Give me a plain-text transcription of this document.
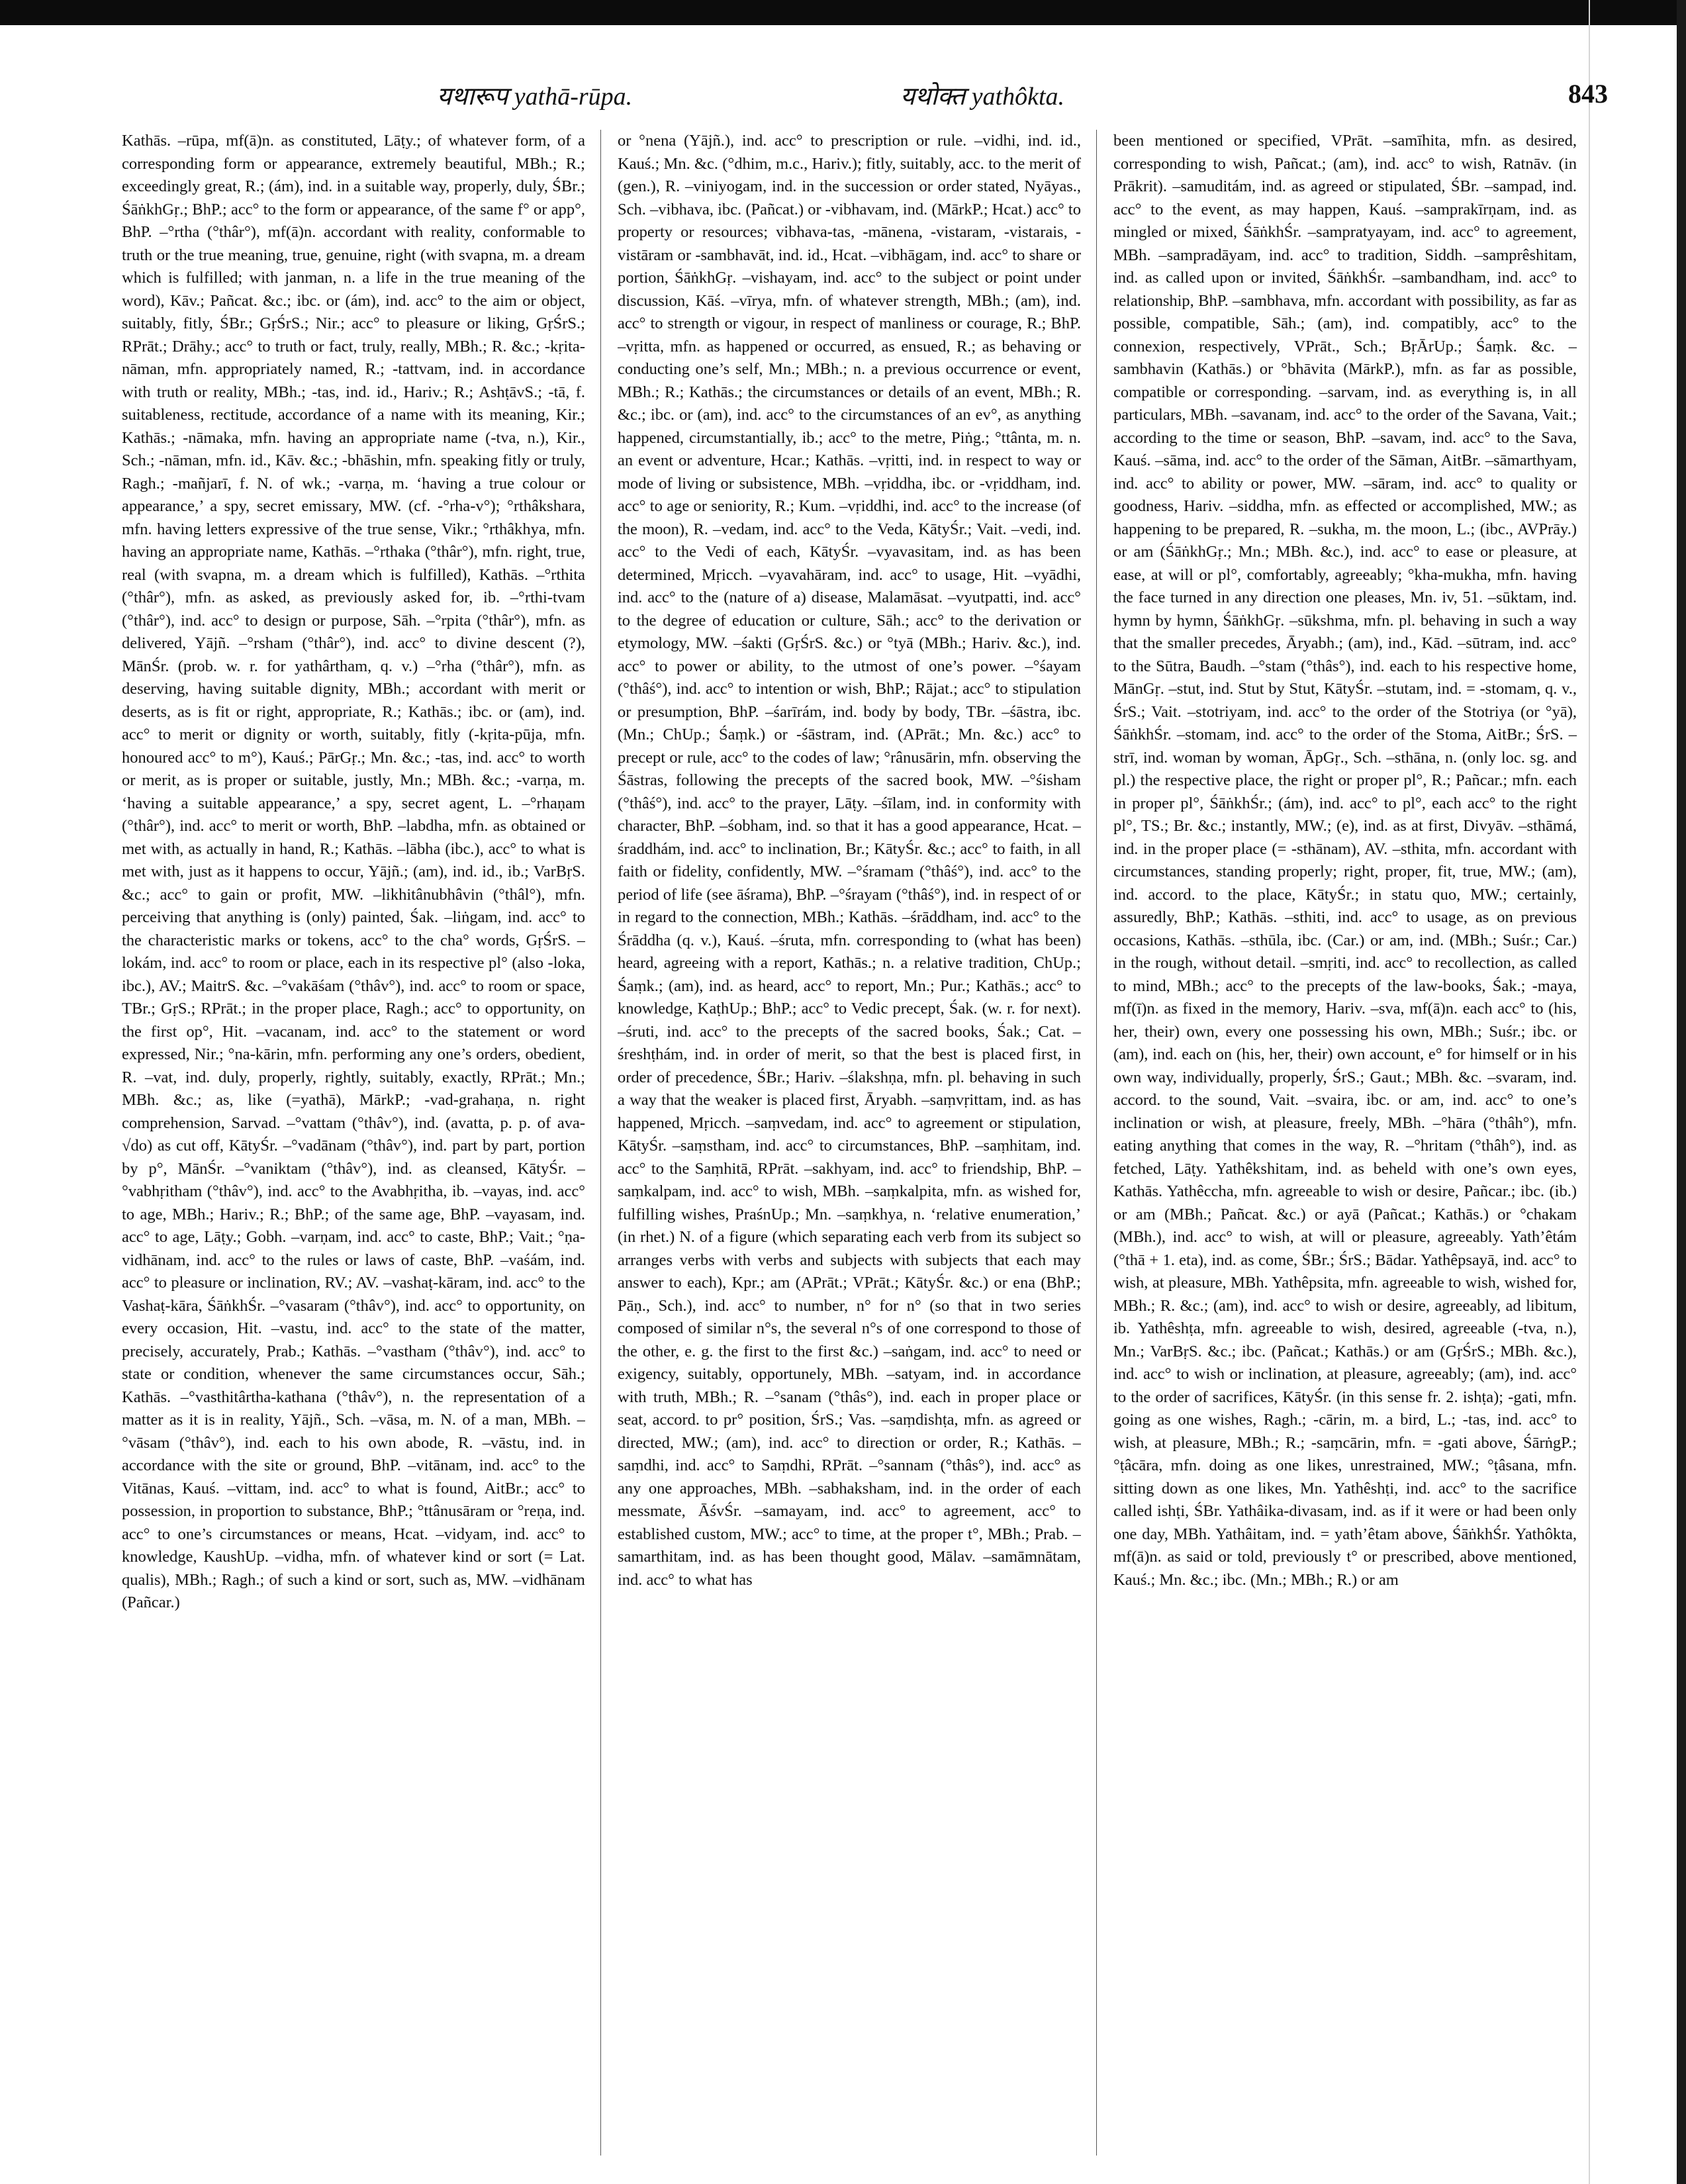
यथारूप yathā-rūpa.	यथोक्त yathôkta.	843
Kathās. –rūpa, mf(ā)n. as constituted, Lāṭy.; of whatever form, of a corresponding form or appearance, extremely beautiful, MBh.; R.; exceedingly great, R.; (ám), ind. in a suitable way, properly, duly, ŚBr.; ŚāṅkhGṛ.; BhP.; acc° to the form or appearance, of the same f° or app°, BhP. –°rtha (°thâr°), mf(ā)n. accordant with reality, conformable to truth or the true meaning, true, genuine, right (with svapna, m. a dream which is fulfilled; with janman, n. a life in the true meaning of the word), Kāv.; Pañcat. &c.; ibc. or (ám), ind. acc° to the aim or object, suitably, fitly, ŚBr.; GṛŚrS.; Nir.; acc° to pleasure or liking, GṛŚrS.; RPrāt.; Drāhy.; acc° to truth or fact, truly, really, MBh.; R. &c.; -kṛita-nāman, mfn. appropriately named, R.; -tattvam, ind. in accordance with truth or reality, MBh.; -tas, ind. id., Hariv.; R.; AshṭāvS.; -tā, f. suitableness, rectitude, accordance of a name with its meaning, Kir.; Kathās.; -nāmaka, mfn. having an appropriate name (-tva, n.), Kir., Sch.; -nāman, mfn. id., Kāv. &c.; -bhāshin, mfn. speaking fitly or truly, Ragh.; -mañjarī, f. N. of wk.; -varṇa, m. ‘having a true colour or appearance,’ a spy, secret emissary, MW. (cf. -°rha-v°); °rthâkshara, mfn. having letters expressive of the true sense, Vikr.; °rthâkhya, mfn. having an appropriate name, Kathās. –°rthaka (°thâr°), mfn. right, true, real (with svapna, m. a dream which is fulfilled), Kathās. –°rthita (°thâr°), mfn. as asked, as previously asked for, ib. –°rthi-tvam (°thâr°), ind. acc° to design or purpose, Sāh. –°rpita (°thâr°), mfn. as delivered, Yājñ. –°rsham (°thâr°), ind. acc° to divine descent (?), MānŚr. (prob. w. r. for yathârtham, q. v.) –°rha (°thâr°), mfn. as deserving, having suitable dignity, MBh.; accordant with merit or deserts, as is fit or right, appropriate, R.; Kathās.; ibc. or (am), ind. acc° to merit or dignity or worth, suitably, fitly (-kṛita-pūja, mfn. honoured acc° to m°), Kauś.; PārGṛ.; Mn. &c.; -tas, ind. acc° to worth or merit, as is proper or suitable, justly, Mn.; MBh. &c.; -varṇa, m. ‘having a suitable appearance,’ a spy, secret agent, L. –°rhaṇam (°thâr°), ind. acc° to merit or worth, BhP. –labdha, mfn. as obtained or met with, as actually in hand, R.; Kathās. –lābha (ibc.), acc° to what is met with, just as it happens to occur, Yājñ.; (am), ind. id., ib.; VarBṛS. &c.; acc° to gain or profit, MW. –likhitânubhâvin (°thâl°), mfn. perceiving that anything is (only) painted, Śak. –liṅgam, ind. acc° to the characteristic marks or tokens, acc° to the cha° words, GṛŚrS. –lokám, ind. acc° to room or place, each in its respective pl° (also -loka, ibc.), AV.; MaitrS. &c. –°vakāśam (°thâv°), ind. acc° to room or space, TBr.; GṛS.; RPrāt.; in the proper place, Ragh.; acc° to opportunity, on the first op°, Hit. –vacanam, ind. acc° to the statement or word expressed, Nir.; °na-kārin, mfn. performing any one’s orders, obedient, R. –vat, ind. duly, properly, rightly, suitably, exactly, RPrāt.; Mn.; MBh. &c.; as, like (=yathā), MārkP.; -vad-grahaṇa, n. right comprehension, Sarvad. –°vattam (°thâv°), ind. (avatta, p. p. of ava-√do) as cut off, KātyŚr. –°vadānam (°thâv°), ind. part by part, portion by p°, MānŚr. –°vaniktam (°thâv°), ind. as cleansed, KātyŚr. –°vabhṛitham (°thâv°), ind. acc° to the Avabhṛitha, ib. –vayas, ind. acc° to age, MBh.; Hariv.; R.; BhP.; of the same age, BhP. –vayasam, ind. acc° to age, Lāṭy.; Gobh. –varṇam, ind. acc° to caste, BhP.; Vait.; °ṇa-vidhānam, ind. acc° to the rules or laws of caste, BhP. –vaśám, ind. acc° to pleasure or inclination, RV.; AV. –vashaṭ-kāram, ind. acc° to the Vashaṭ-kāra, ŚāṅkhŚr. –°vasaram (°thâv°), ind. acc° to opportunity, on every occasion, Hit. –vastu, ind. acc° to the state of the matter, precisely, accurately, Prab.; Kathās. –°vastham (°thâv°), ind. acc° to state or condition, whenever the same circumstances occur, Sāh.; Kathās. –°vasthitârtha-kathana (°thâv°), n. the representation of a matter as it is in reality, Yājñ., Sch. –vāsa, m. N. of a man, MBh. –°vāsam (°thâv°), ind. each to his own abode, R. –vāstu, ind. in accordance with the site or ground, BhP. –vitānam, ind. acc° to the Vitānas, Kauś. –vittam, ind. acc° to what is found, AitBr.; acc° to possession, in proportion to substance, BhP.; °ttânusāram or °reṇa, ind. acc° to one’s circumstances or means, Hcat. –vidyam, ind. acc° to knowledge, KaushUp. –vidha, mfn. of whatever kind or sort (= Lat. qualis), MBh.; Ragh.; of such a kind or sort, such as, MW. –vidhānam (Pañcar.)
or °nena (Yājñ.), ind. acc° to prescription or rule. –vidhi, ind. id., Kauś.; Mn. &c. (°dhim, m.c., Hariv.); fitly, suitably, acc. to the merit of (gen.), R. –viniyogam, ind. in the succession or order stated, Nyāyas., Sch. –vibhava, ibc. (Pañcat.) or -vibhavam, ind. (MārkP.; Hcat.) acc° to property or resources; vibhava-tas, -mānena, -vistaram, -vistarais, -vistāram or -sambhavāt, ind. id., Hcat. –vibhāgam, ind. acc° to share or portion, ŚāṅkhGṛ. –vishayam, ind. acc° to the subject or point under discussion, Kāś. –vīrya, mfn. of whatever strength, MBh.; (am), ind. acc° to strength or vigour, in respect of manliness or courage, R.; BhP. –vṛitta, mfn. as happened or occurred, as ensued, R.; as behaving or conducting one’s self, Mn.; MBh.; n. a previous occurrence or event, MBh.; R.; Kathās.; the circumstances or details of an event, MBh.; R. &c.; ibc. or (am), ind. acc° to the circumstances of an ev°, as anything happened, circumstantially, ib.; acc° to the metre, Piṅg.; °ttânta, m. n. an event or adventure, Hcar.; Kathās. –vṛitti, ind. in respect to way or mode of living or subsistence, MBh. –vṛiddha, ibc. or -vṛiddham, ind. acc° to age or seniority, R.; Kum. –vṛiddhi, ind. acc° to the increase (of the moon), R. –vedam, ind. acc° to the Veda, KātyŚr.; Vait. –vedi, ind. acc° to the Vedi of each, KātyŚr. –vyavasitam, ind. as has been determined, Mṛicch. –vyavahāram, ind. acc° to usage, Hit. –vyādhi, ind. acc° to the (nature of a) disease, Malamāsat. –vyutpatti, ind. acc° to the degree of education or culture, Sāh.; acc° to the derivation or etymology, MW. –śakti (GṛŚrS. &c.) or °tyā (MBh.; Hariv. &c.), ind. acc° to power or ability, to the utmost of one’s power. –°śayam (°thâś°), ind. acc° to intention or wish, BhP.; Rājat.; acc° to stipulation or presumption, BhP. –śarīrám, ind. body by body, TBr. –śāstra, ibc. (Mn.; ChUp.; Śaṃk.) or -śāstram, ind. (APrāt.; Mn. &c.) acc° to precept or rule, acc° to the codes of law; °rânusārin, mfn. observing the Śāstras, following the precepts of the sacred book, MW. –°śisham (°thâś°), ind. acc° to the prayer, Lāṭy. –śīlam, ind. in conformity with character, BhP. –śobham, ind. so that it has a good appearance, Hcat. –śraddhám, ind. acc° to inclination, Br.; KātyŚr. &c.; acc° to faith, in all faith or fidelity, confidently, MW. –°śramam (°thâś°), ind. acc° to the period of life (see āśrama), BhP. –°śrayam (°thâś°), ind. in respect of or in regard to the connection, MBh.; Kathās. –śrāddham, ind. acc° to the Śrāddha (q. v.), Kauś. –śruta, mfn. corresponding to (what has been) heard, agreeing with a report, Kathās.; n. a relative tradition, ChUp.; Śaṃk.; (am), ind. as heard, acc° to report, Mn.; Pur.; Kathās.; acc° to knowledge, KaṭhUp.; BhP.; acc° to Vedic precept, Śak. (w. r. for next). –śruti, ind. acc° to the precepts of the sacred books, Śak.; Cat. –śreshṭhám, ind. in order of merit, so that the best is placed first, in order of precedence, ŚBr.; Hariv. –ślakshṇa, mfn. pl. behaving in such a way that the weaker is placed first, Āryabh. –saṃvṛittam, ind. as has happened, Mṛicch. –saṃvedam, ind. acc° to agreement or stipulation, KātyŚr. –saṃstham, ind. acc° to circumstances, BhP. –saṃhitam, ind. acc° to the Saṃhitā, RPrāt. –sakhyam, ind. acc° to friendship, BhP. –saṃkalpam, ind. acc° to wish, MBh. –saṃkalpita, mfn. as wished for, fulfilling wishes, PraśnUp.; Mn. –saṃkhya, n. ‘relative enumeration,’ (in rhet.) N. of a figure (which separating each verb from its subject so arranges verbs with verbs and subjects with subjects that each may answer to each), Kpr.; am (APrāt.; VPrāt.; KātyŚr. &c.) or ena (BhP.; Pāṇ., Sch.), ind. acc° to number, n° for n° (so that in two series composed of similar n°s, the several n°s of one correspond to those of the other, e. g. the first to the first &c.) –saṅgam, ind. acc° to need or exigency, suitably, opportunely, MBh. –satyam, ind. in accordance with truth, MBh.; R. –°sanam (°thâs°), ind. each in proper place or seat, accord. to pr° position, ŚrS.; Vas. –saṃdishṭa, mfn. as agreed or directed, MW.; (am), ind. acc° to direction or order, R.; Kathās. –saṃdhi, ind. acc° to Saṃdhi, RPrāt. –°sannam (°thâs°), ind. acc° as any one approaches, MBh. –sabhaksham, ind. in the order of each messmate, ĀśvŚr. –samayam, ind. acc° to agreement, acc° to established custom, MW.; acc° to time, at the proper t°, MBh.; Prab. –samarthitam, ind. as has been thought good, Mālav. –samāmnātam, ind. acc° to what has
been mentioned or specified, VPrāt. –samīhita, mfn. as desired, corresponding to wish, Pañcat.; (am), ind. acc° to wish, Ratnāv. (in Prākrit). –samuditám, ind. as agreed or stipulated, ŚBr. –sampad, ind. acc° to the event, as may happen, Kauś. –samprakīrṇam, ind. as mingled or mixed, ŚāṅkhŚr. –sampratyayam, ind. acc° to agreement, MBh. –sampradāyam, ind. acc° to tradition, Siddh. –samprêshitam, ind. as called upon or invited, ŚāṅkhŚr. –sambandham, ind. acc° to relationship, BhP. –sambhava, mfn. accordant with possibility, as far as possible, compatible, Sāh.; (am), ind. compatibly, acc° to the connexion, respectively, VPrāt., Sch.; BṛĀrUp.; Śaṃk. &c. –sambhavin (Kathās.) or °bhāvita (MārkP.), mfn. as far as possible, compatible or corresponding. –sarvam, ind. as everything is, in all particulars, MBh. –savanam, ind. acc° to the order of the Savana, Vait.; according to the time or season, BhP. –savam, ind. acc° to the Sava, Kauś. –sāma, ind. acc° to the order of the Sāman, AitBr. –sāmarthyam, ind. acc° to ability or power, MW. –sāram, ind. acc° to quality or goodness, Hariv. –siddha, mfn. as effected or accomplished, MW.; as happening to be prepared, R. –sukha, m. the moon, L.; (ibc., AVPrāy.) or am (ŚāṅkhGṛ.; Mn.; MBh. &c.), ind. acc° to ease or pleasure, at ease, at will or pl°, comfortably, agreeably; °kha-mukha, mfn. having the face turned in any direction one pleases, Mn. iv, 51. –sūktam, ind. hymn by hymn, ŚāṅkhGṛ. –sūkshma, mfn. pl. behaving in such a way that the smaller precedes, Āryabh.; (am), ind., Kād. –sūtram, ind. acc° to the Sūtra, Baudh. –°stam (°thâs°), ind. each to his respective home, MānGṛ. –stut, ind. Stut by Stut, KātyŚr. –stutam, ind. = -stomam, q. v., ŚrS.; Vait. –stotriyam, ind. acc° to the order of the Stotriya (or °yā), ŚāṅkhŚr. –stomam, ind. acc° to the order of the Stoma, AitBr.; ŚrS. –strī, ind. woman by woman, ĀpGṛ., Sch. –sthāna, n. (only loc. sg. and pl.) the respective place, the right or proper pl°, R.; Pañcar.; mfn. each in proper pl°, ŚāṅkhŚr.; (ám), ind. acc° to pl°, each acc° to the right pl°, TS.; Br. &c.; instantly, MW.; (e), ind. as at first, Divyāv. –sthāmá, ind. in the proper place (= -sthānam), AV. –sthita, mfn. accordant with circumstances, standing properly; right, proper, fit, true, MW.; (am), ind. accord. to the place, KātyŚr.; in statu quo, MW.; certainly, assuredly, BhP.; Kathās. –sthiti, ind. acc° to usage, as on previous occasions, Kathās. –sthūla, ibc. (Car.) or am, ind. (MBh.; Suśr.; Car.) in the rough, without detail. –smṛiti, ind. acc° to recollection, as called to mind, MBh.; acc° to the precepts of the law-books, Śak.; -maya, mf(ī)n. as fixed in the memory, Hariv. –sva, mf(ā)n. each acc° to (his, her, their) own, every one possessing his own, MBh.; Suśr.; ibc. or (am), ind. each on (his, her, their) own account, e° for himself or in his own way, individually, properly, ŚrS.; Gaut.; MBh. &c. –svaram, ind. accord. to the sound, Vait. –svaira, ibc. or am, ind. acc° to one’s inclination or wish, at pleasure, freely, MBh. –°hāra (°thâh°), mfn. eating anything that comes in the way, R. –°hritam (°thâh°), ind. as fetched, Lāṭy. Yathêkshitam, ind. as beheld with one’s own eyes, Kathās. Yathêccha, mfn. agreeable to wish or desire, Pañcar.; ibc. (ib.) or am (MBh.; Pañcat. &c.) or ayā (Pañcat.; Kathās.) or °chakam (MBh.), ind. acc° to wish, at will or pleasure, agreeably. Yath’êtám (°thā + 1. eta), ind. as come, ŚBr.; ŚrS.; Bādar. Yathêpsayā, ind. acc° to wish, at pleasure, MBh. Yathêpsita, mfn. agreeable to wish, wished for, MBh.; R. &c.; (am), ind. acc° to wish or desire, agreeably, ad libitum, ib. Yathêshṭa, mfn. agreeable to wish, desired, agreeable (-tva, n.), Mn.; VarBṛS. &c.; ibc. (Pañcat.; Kathās.) or am (GṛŚrS.; MBh. &c.), ind. acc° to wish or inclination, at pleasure, agreeably; (am), ind. acc° to the order of sacrifices, KātyŚr. (in this sense fr. 2. ishṭa); -gati, mfn. going as one wishes, Ragh.; -cārin, m. a bird, L.; -tas, ind. acc° to wish, at pleasure, MBh.; R.; -saṃcārin, mfn. = -gati above, ŚārṅgP.; °ṭâcāra, mfn. doing as one likes, unrestrained, MW.; °ṭâsana, mfn. sitting down as one likes, Mn. Yathêshṭi, ind. acc° to the sacrifice called ishṭi, ŚBr. Yathâika-divasam, ind. as if it were or had been only one day, MBh. Yathâitam, ind. = yath’êtam above, ŚāṅkhŚr. Yathôkta, mf(ā)n. as said or told, previously t° or prescribed, above mentioned, Kauś.; Mn. &c.; ibc. (Mn.; MBh.; R.) or am
